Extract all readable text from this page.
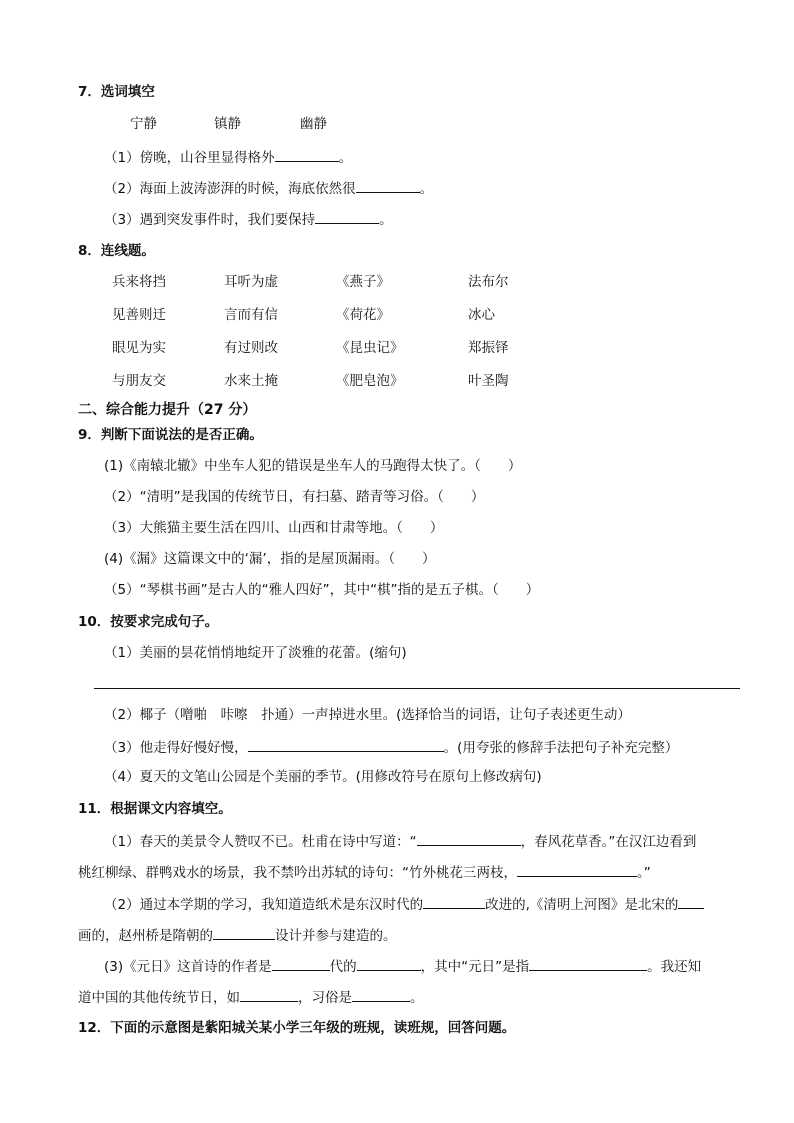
7．选词填空
宁静	镇静	幽静
（1）傍晚，山谷里显得格外	。
（2）海面上波涛澎湃的时候，海底依然很	。
（3）遇到突发事件时，我们要保持	。
8．连线题。
兵来将挡	耳听为虚	《燕子》	法布尔
见善则迁	言而有信	《荷花》	冰心
眼见为实	有过则改	《昆虫记》	郑振铎
与朋友交	水来土掩	《肥皂泡》	叶圣陶
二、综合能力提升（27 分）
9．判断下面说法的是否正确。
(1)《南辕北辙》中坐车人犯的错误是坐车人的马跑得太快了。（　　）
（2）“清明”是我国的传统节日，有扫墓、踏青等习俗。（　　）
（3）大熊猫主要生活在四川、山西和甘肃等地。（　　）
(4)《漏》这篇课文中的‘漏’，指的是屋顶漏雨。（　　）
（5）“琴棋书画”是古人的“雅人四好”，其中“棋”指的是五子棋。（　　）
10．按要求完成句子。
（1）美丽的昙花悄悄地绽开了淡雅的花蕾。(缩句)
（2）椰子（噌啪　咔嚓　扑通）一声掉进水里。(选择恰当的词语，让句子表述更生动）
（3）他走得好慢好慢，	。(用夸张的修辞手法把句子补充完整）
（4）夏天的文笔山公园是个美丽的季节。(用修改符号在原句上修改病句)
11．根据课文内容填空。
（1）春天的美景令人赞叹不已。杜甫在诗中写道：“	，春风花草香。”在汉江边看到
桃红柳绿、群鸭戏水的场景，我不禁吟出苏轼的诗句：“竹外桃花三两枝，	。”
（2）通过本学期的学习，我知道造纸术是东汉时代的	改进的,《清明上河图》是北宋的
画的，赵州桥是隋朝的	设计并参与建造的。
(3)《元日》这首诗的作者是	代的	，其中“元日”是指	。我还知
道中国的其他传统节日，如	，习俗是	。
12．下面的示意图是紫阳城关某小学三年级的班规，读班规，回答问题。
